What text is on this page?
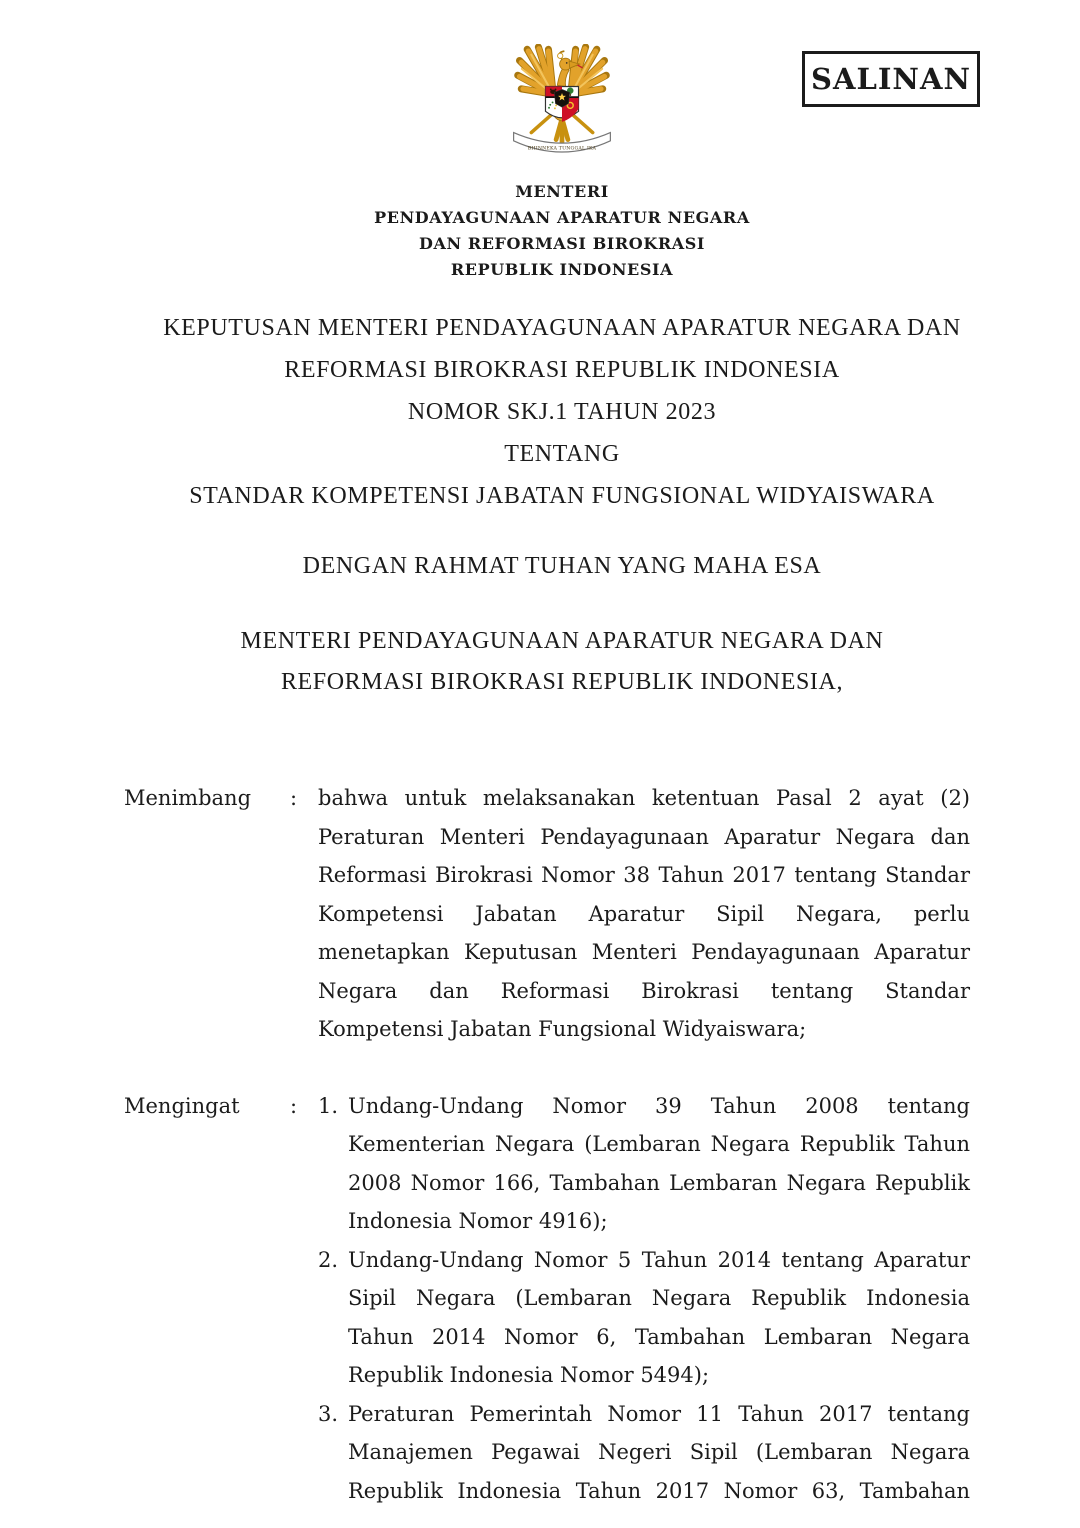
SALINAN
BHINNEKA TUNGGAL IKA
MENTERI
PENDAYAGUNAAN APARATUR NEGARA
DAN REFORMASI BIROKRASI
REPUBLIK INDONESIA
KEPUTUSAN MENTERI PENDAYAGUNAAN APARATUR NEGARA DAN
REFORMASI BIROKRASI REPUBLIK INDONESIA
NOMOR SKJ.1 TAHUN 2023
TENTANG
STANDAR KOMPETENSI JABATAN FUNGSIONAL WIDYAISWARA
DENGAN RAHMAT TUHAN YANG MAHA ESA
MENTERI PENDAYAGUNAAN APARATUR NEGARA DAN
REFORMASI BIROKRASI REPUBLIK INDONESIA,
Menimbang	: bahwa untuk melaksanakan ketentuan Pasal 2 ayat (2)
Peraturan Menteri Pendayagunaan Aparatur Negara dan
Reformasi Birokrasi Nomor 38 Tahun 2017 tentang Standar
Kompetensi Jabatan Aparatur Sipil Negara, perlu
menetapkan Keputusan Menteri Pendayagunaan Aparatur
Negara dan Reformasi Birokrasi tentang Standar
Kompetensi Jabatan Fungsional Widyaiswara;
Mengingat	: 1. Undang-Undang Nomor 39 Tahun 2008 tentang
Kementerian Negara (Lembaran Negara Republik Tahun
2008 Nomor 166, Tambahan Lembaran Negara Republik
Indonesia Nomor 4916);
2. Undang-Undang Nomor 5 Tahun 2014 tentang Aparatur
Sipil Negara (Lembaran Negara Republik Indonesia
Tahun 2014 Nomor 6, Tambahan Lembaran Negara
Republik Indonesia Nomor 5494);
3. Peraturan Pemerintah Nomor 11 Tahun 2017 tentang
Manajemen Pegawai Negeri Sipil (Lembaran Negara
Republik Indonesia Tahun 2017 Nomor 63, Tambahan
